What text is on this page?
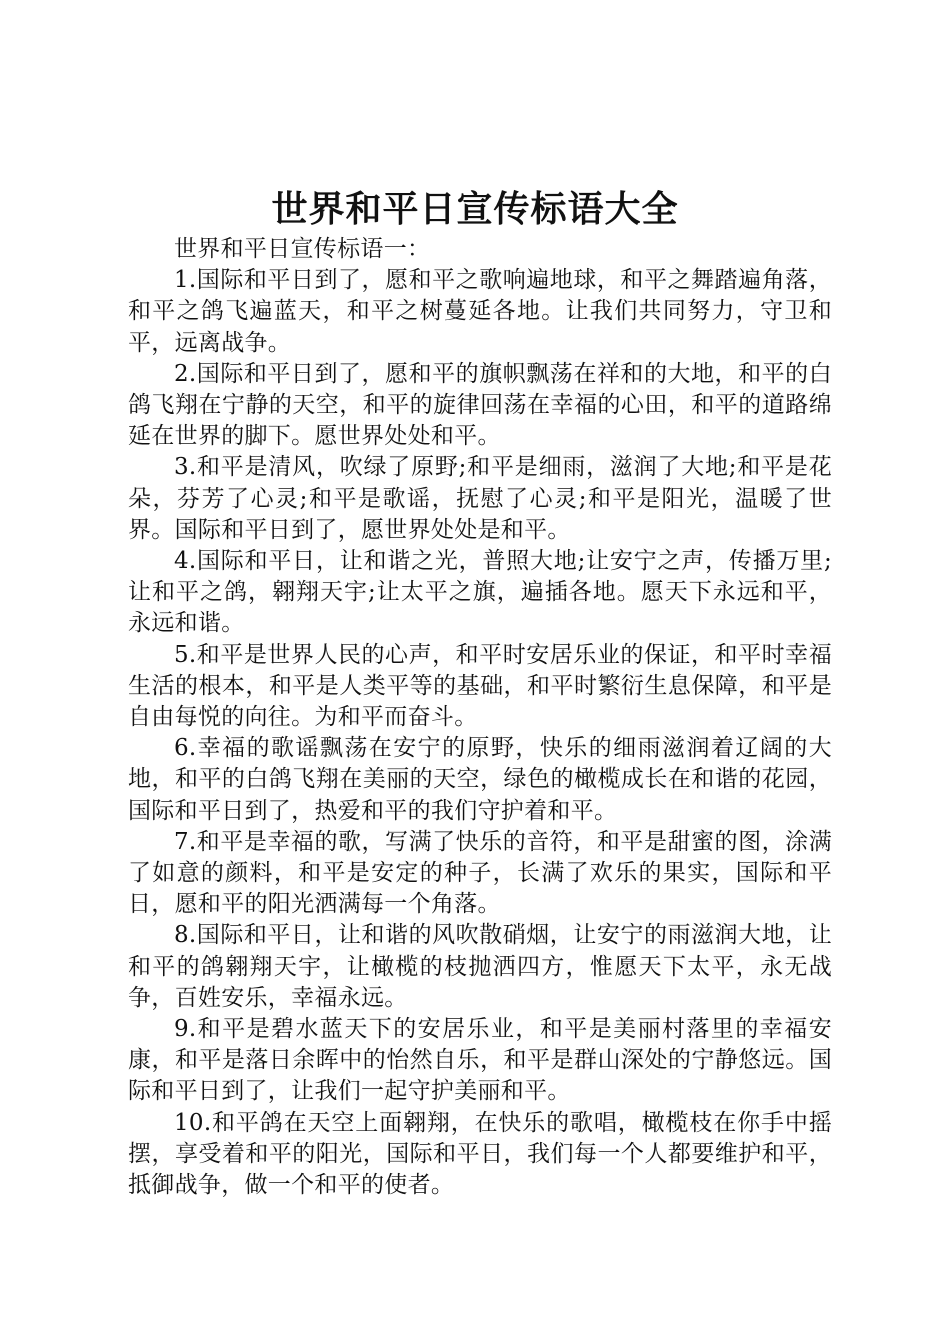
世界和平日宣传标语大全

世界和平日宣传标语一：

1.国际和平日到了，愿和平之歌响遍地球，和平之舞踏遍角落，和平之鸽飞遍蓝天，和平之树蔓延各地。让我们共同努力，守卫和平，远离战争。

2.国际和平日到了，愿和平的旗帜飘荡在祥和的大地，和平的白鸽飞翔在宁静的天空，和平的旋律回荡在幸福的心田，和平的道路绵延在世界的脚下。愿世界处处和平。

3.和平是清风，吹绿了原野;和平是细雨，滋润了大地;和平是花朵，芬芳了心灵;和平是歌谣，抚慰了心灵;和平是阳光，温暖了世界。国际和平日到了，愿世界处处是和平。

4.国际和平日，让和谐之光，普照大地;让安宁之声，传播万里;让和平之鸽，翱翔天宇;让太平之旗，遍插各地。愿天下永远和平，永远和谐。

5.和平是世界人民的心声，和平时安居乐业的保证，和平时幸福生活的根本，和平是人类平等的基础，和平时繁衍生息保障，和平是自由每悦的向往。为和平而奋斗。

6.幸福的歌谣飘荡在安宁的原野，快乐的细雨滋润着辽阔的大地，和平的白鸽飞翔在美丽的天空，绿色的橄榄成长在和谐的花园，国际和平日到了，热爱和平的我们守护着和平。

7.和平是幸福的歌，写满了快乐的音符，和平是甜蜜的图，涂满了如意的颜料，和平是安定的种子，长满了欢乐的果实，国际和平日，愿和平的阳光洒满每一个角落。

8.国际和平日，让和谐的风吹散硝烟，让安宁的雨滋润大地，让和平的鸽翱翔天宇，让橄榄的枝抛洒四方，惟愿天下太平，永无战争，百姓安乐，幸福永远。

9.和平是碧水蓝天下的安居乐业，和平是美丽村落里的幸福安康，和平是落日余晖中的怡然自乐，和平是群山深处的宁静悠远。国际和平日到了，让我们一起守护美丽和平。

10.和平鸽在天空上面翱翔，在快乐的歌唱，橄榄枝在你手中摇摆，享受着和平的阳光，国际和平日，我们每一个人都要维护和平，抵御战争，做一个和平的使者。
